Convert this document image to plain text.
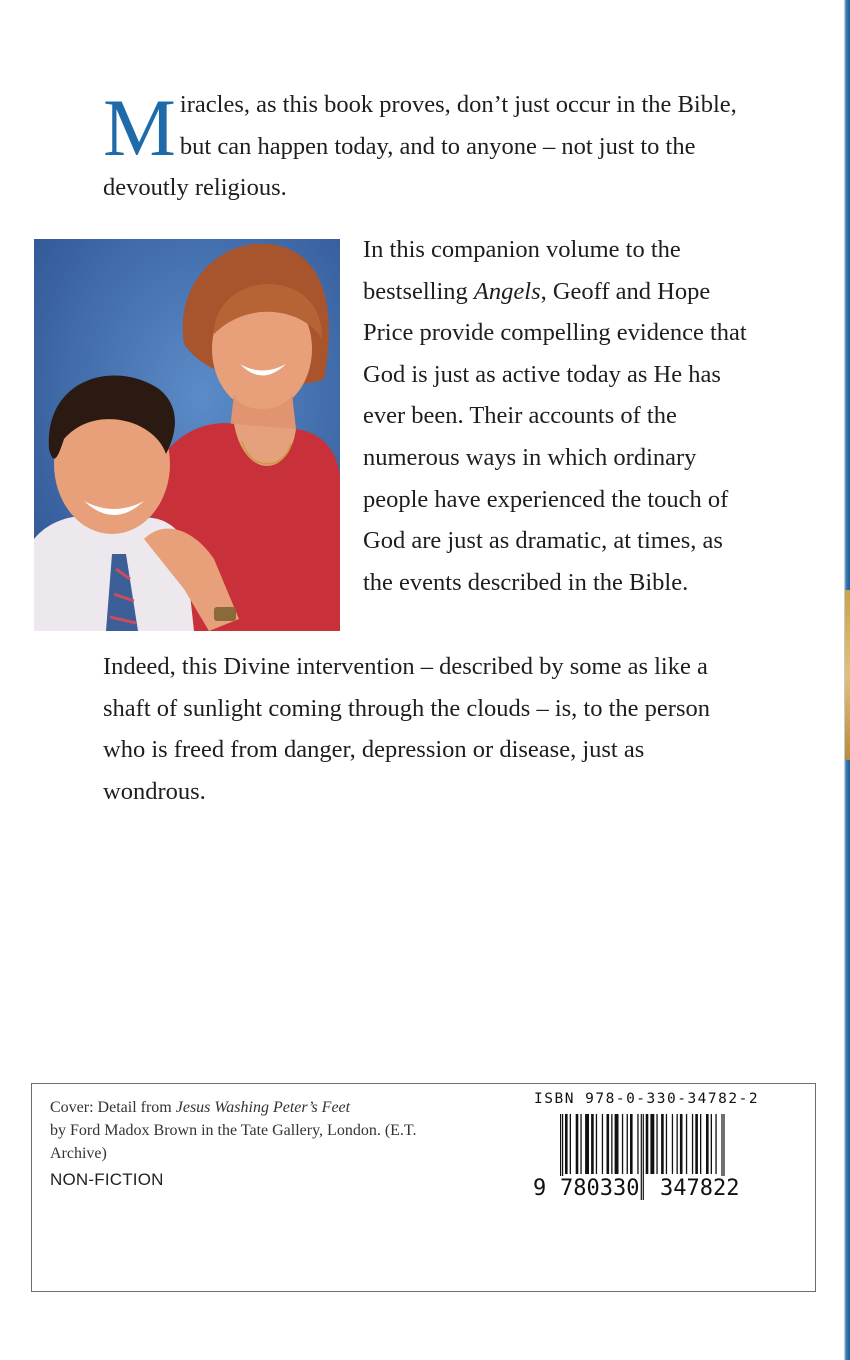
Miracles, as this book proves, don’t just occur in the Bible, but can happen today, and to anyone – not just to the devoutly religious.

In this companion volume to the bestselling Angels, Geoff and Hope Price provide compelling evidence that God is just as active today as He has ever been. Their accounts of the numerous ways in which ordinary people have experienced the touch of God are just as dramatic, at times, as the events described in the Bible.

Indeed, this Divine intervention – described by some as like a shaft of sunlight coming through the clouds – is, to the person who is freed from danger, depression or disease, just as wondrous.

Cover: Detail from Jesus Washing Peter’s Feet
by Ford Madox Brown in the Tate Gallery, London. (E.T. Archive)
NON-FICTION
ISBN 978-0-330-34782-2
9 780330 347822
